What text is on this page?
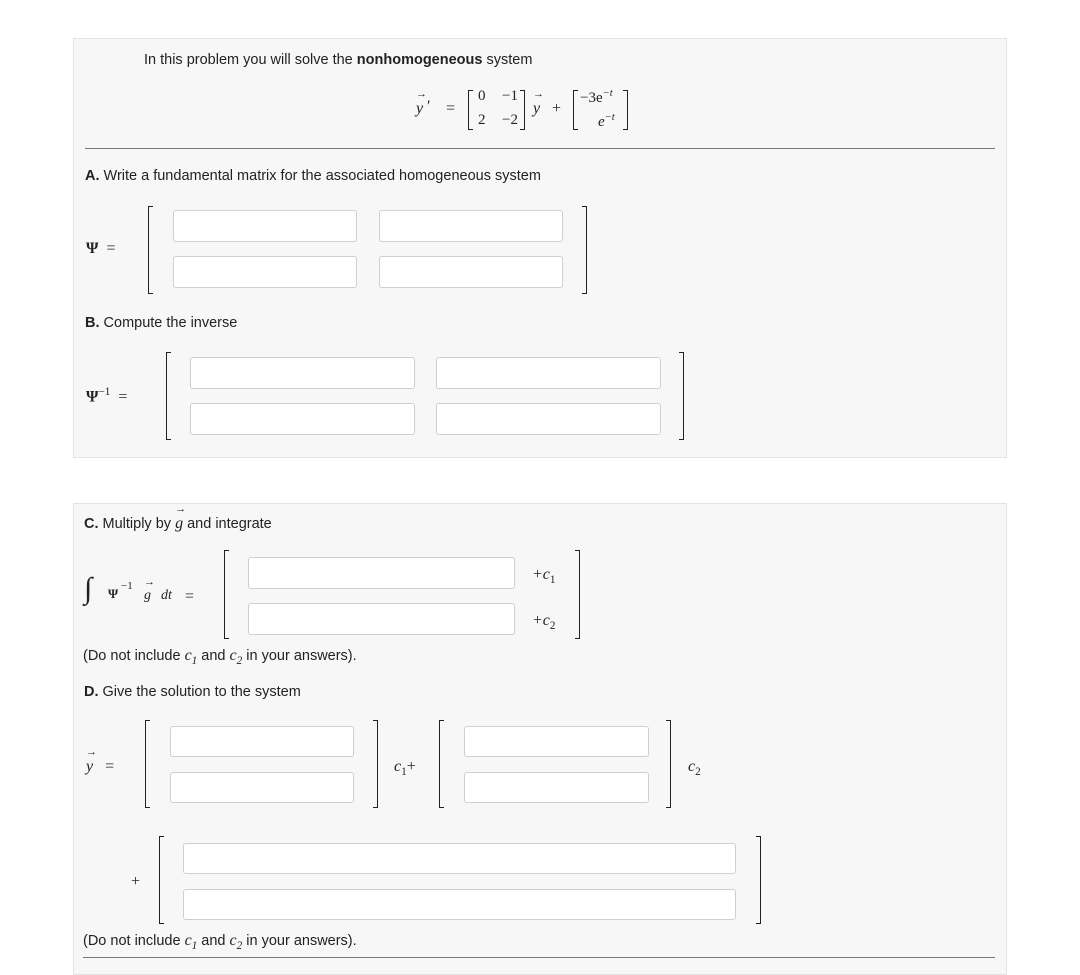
In this problem you will solve the nonhomogeneous system
→ y ′ =
0 −1
2 −2
→ y +
$-3e^{-t}$
$e^{-t}$
A. Write a fundamental matrix for the associated homogeneous system
Ψ =
B. Compute the inverse
$\Psi^{-1}$ =
C. Multiply by → g and integrate
∫ Ψ −1
→ g dt =
$+c_1$
$+c_2$
(Do not include $c_1$ and $c_2$ in your answers).
D. Give the solution to the system
→ y =	$c_1+$	$c_2$
+
(Do not include $c_1$ and $c_2$ in your answers).
